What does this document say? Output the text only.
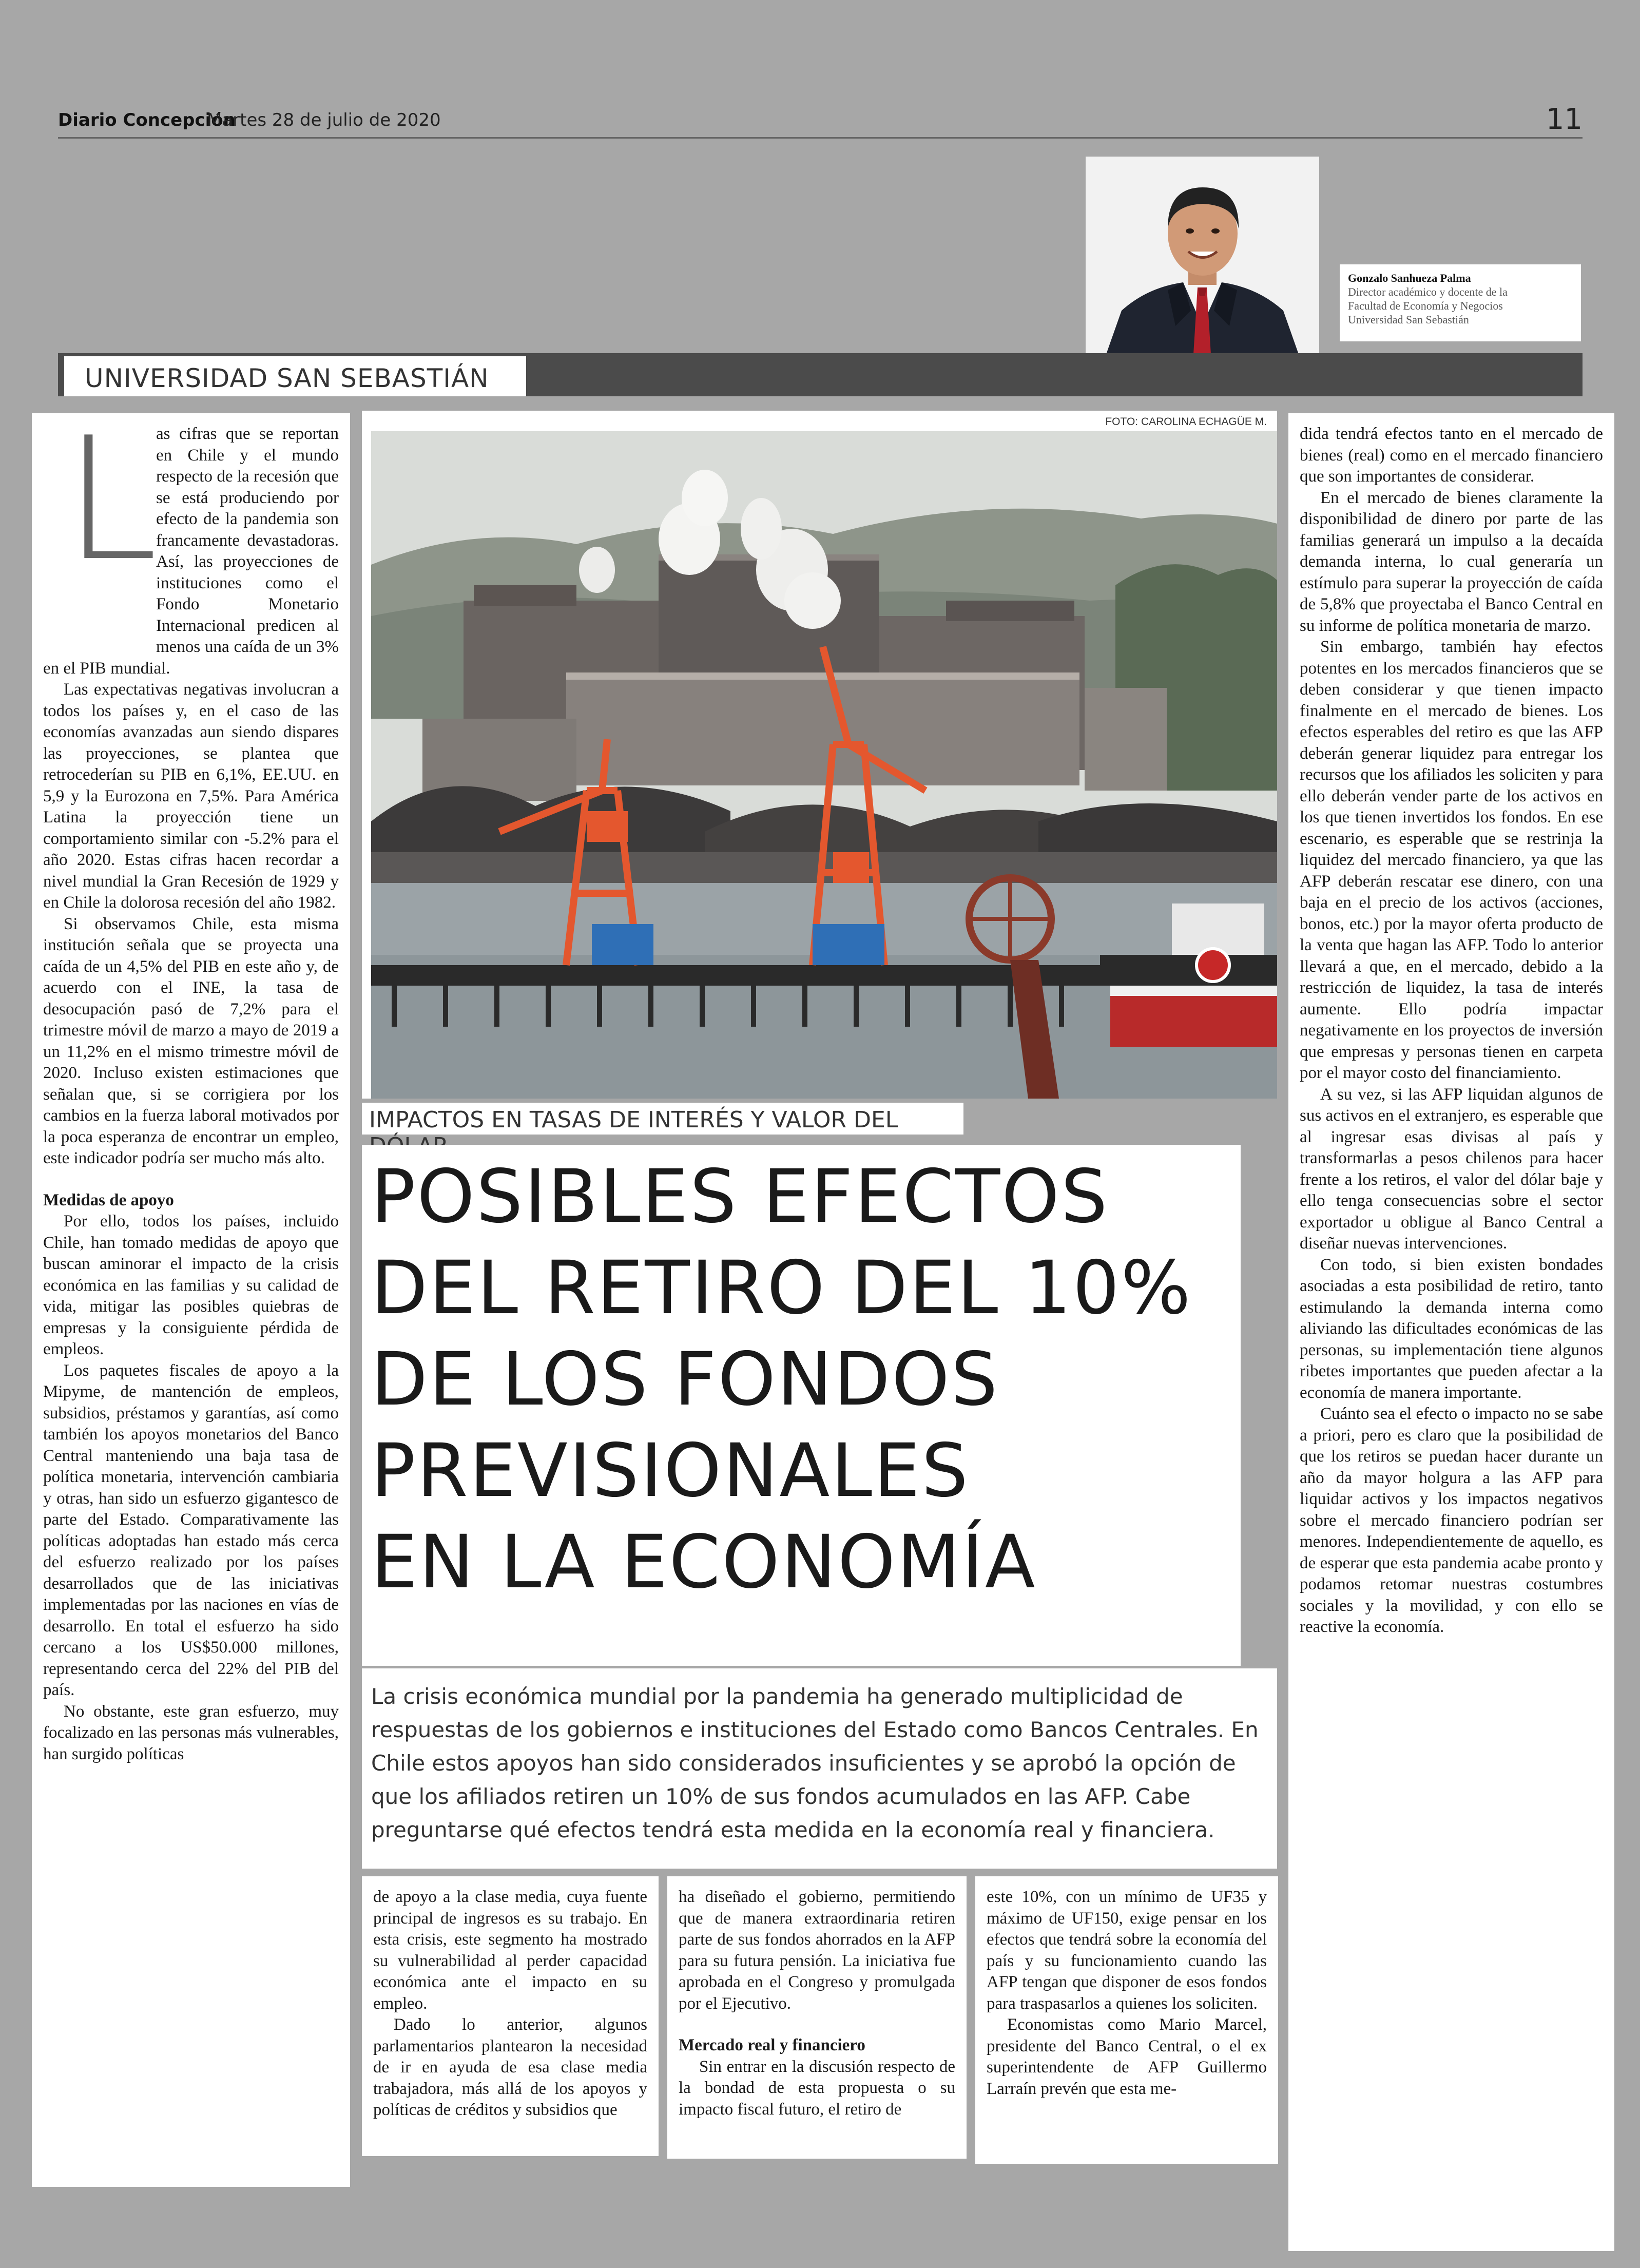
Diario Concepción
Martes 28 de julio de 2020	11
Gonzalo Sanhueza Palma
Director académico y docente de la
Facultad de Economía y Negocios
Universidad San Sebastián
UNIVERSIDAD SAN SEBASTIÁN
L

as cifras que se reportan en Chile y el mundo respecto de la recesión que se está produciendo por efecto de la pandemia son francamente devastadoras. Así, las proyecciones de instituciones como el Fondo Monetario Internacional predicen al menos una caída de un 3% en el PIB mundial.

Las expectativas negativas involucran a todos los países y, en el caso de las economías avanzadas aun siendo dispares las proyecciones, se plantea que retrocederían su PIB en 6,1%, EE.UU. en 5,9 y la Eurozona en 7,5%. Para América Latina la proyección tiene un comportamiento similar con -5.2% para el año 2020. Estas cifras hacen recordar a nivel mundial la Gran Recesión de 1929 y en Chile la dolorosa recesión del año 1982.

Si observamos Chile, esta misma institución señala que se proyecta una caída de un 4,5% del PIB en este año y, de acuerdo con el INE, la tasa de desocupación pasó de 7,2% para el trimestre móvil de marzo a mayo de 2019 a un 11,2% en el mismo trimestre móvil de 2020. Incluso existen estimaciones que señalan que, si se corrigiera por los cambios en la fuerza laboral motivados por la poca esperanza de encontrar un empleo, este indicador podría ser mucho más alto.

Medidas de apoyo

Por ello, todos los países, incluido Chile, han tomado medidas de apoyo que buscan aminorar el impacto de la crisis económica en las familias y su calidad de vida, mitigar las posibles quiebras de empresas y la consiguiente pérdida de empleos.

Los paquetes fiscales de apoyo a la Mipyme, de mantención de empleos, subsidios, préstamos y garantías, así como también los apoyos monetarios del Banco Central manteniendo una baja tasa de política monetaria, intervención cambiaria y otras, han sido un esfuerzo gigantesco de parte del Estado. Comparativamente las políticas adoptadas han estado más cerca del esfuerzo realizado por los países desarrollados que de las iniciativas implementadas por las naciones en vías de desarrollo. En total el esfuerzo ha sido cercano a los US$50.000 millones, representando cerca del 22% del PIB del país.

No obstante, este gran esfuerzo, muy focalizado en las personas más vulnerables, han surgido políticas

FOTO: CAROLINA ECHAGÜE M.
IMPACTOS EN TASAS DE INTERÉS Y VALOR DEL
POSIBLES EFECTOS
DEL RETIRO DEL 10%
DE LOS FONDOS
PREVISIONALES
EN LA ECONOMÍA

La crisis económica mundial por la pandemia ha generado multiplicidad de respuestas de los gobiernos e instituciones del Estado como Bancos Centrales. En Chile estos apoyos han sido considerados insuficientes y se aprobó la opción de que los afiliados retiren un 10% de sus fondos acumulados en las AFP. Cabe preguntarse qué efectos tendrá esta medida en la economía real y financiera.

de apoyo a la clase media, cuya fuente principal de ingresos es su trabajo. En esta crisis, este segmento ha mostrado su vulnerabilidad al perder capacidad económica ante el impacto en su empleo.

Dado lo anterior, algunos parlamentarios plantearon la necesidad de ir en ayuda de esa clase media trabajadora, más allá de los apoyos y políticas de créditos y subsidios que

ha diseñado el gobierno, permitiendo que de manera extraordinaria retiren parte de sus fondos ahorrados en la AFP para su futura pensión. La iniciativa fue aprobada en el Congreso y promulgada por el Ejecutivo.

Mercado real y financiero

Sin entrar en la discusión respecto de la bondad de esta propuesta o su impacto fiscal futuro, el retiro de

este 10%, con un mínimo de UF35 y máximo de UF150, exige pensar en los efectos que tendrá sobre la economía del país y su funcionamiento cuando las AFP tengan que disponer de esos fondos para traspasarlos a quienes los soliciten.

Economistas como Mario Marcel, presidente del Banco Central, o el ex superintendente de AFP Guillermo Larraín prevén que esta me-

dida tendrá efectos tanto en el mercado de bienes (real) como en el mercado financiero que son importantes de considerar.

En el mercado de bienes claramente la disponibilidad de dinero por parte de las familias generará un impulso a la decaída demanda interna, lo cual generaría un estímulo para superar la proyección de caída de 5,8% que proyectaba el Banco Central en su informe de política monetaria de marzo.

Sin embargo, también hay efectos potentes en los mercados financieros que se deben considerar y que tienen impacto finalmente en el mercado de bienes. Los efectos esperables del retiro es que las AFP deberán generar liquidez para entregar los recursos que los afiliados les soliciten y para ello deberán vender parte de los activos en los que tienen invertidos los fondos. En ese escenario, es esperable que se restrinja la liquidez del mercado financiero, ya que las AFP deberán rescatar ese dinero, con una baja en el precio de los activos (acciones, bonos, etc.) por la mayor oferta producto de la venta que hagan las AFP. Todo lo anterior llevará a que, en el mercado, debido a la restricción de liquidez, la tasa de interés aumente. Ello podría impactar negativamente en los proyectos de inversión que empresas y personas tienen en carpeta por el mayor costo del financiamiento.

A su vez, si las AFP liquidan algunos de sus activos en el extranjero, es esperable que al ingresar esas divisas al país y transformarlas a pesos chilenos para hacer frente a los retiros, el valor del dólar baje y ello tenga consecuencias sobre el sector exportador u obligue al Banco Central a diseñar nuevas intervenciones.

Con todo, si bien existen bondades asociadas a esta posibilidad de retiro, tanto estimulando la demanda interna como aliviando las dificultades económicas de las personas, su implementación tiene algunos ribetes importantes que pueden afectar a la economía de manera importante.

Cuánto sea el efecto o impacto no se sabe a priori, pero es claro que la posibilidad de que los retiros se puedan hacer durante un año da mayor holgura a las AFP para liquidar activos y los impactos negativos sobre el mercado financiero podrían ser menores. Independientemente de aquello, es de esperar que esta pandemia acabe pronto y podamos retomar nuestras costumbres sociales y la movilidad, y con ello se reactive la economía.
